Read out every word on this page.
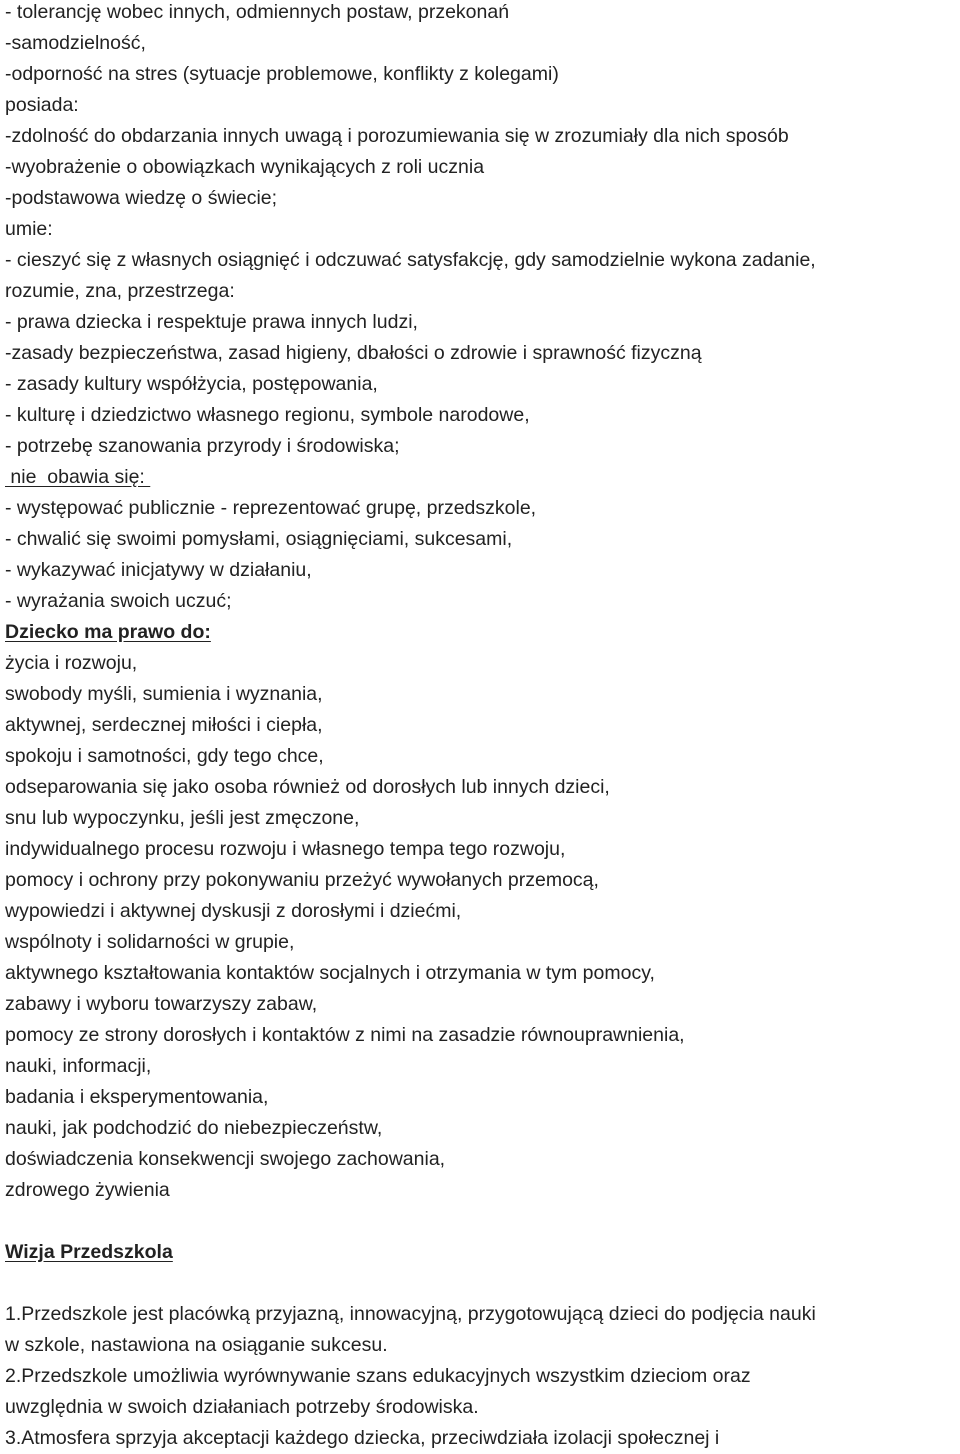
- tolerancję wobec innych, odmiennych postaw, przekonań
-samodzielność,
-odporność na stres (sytuacje problemowe, konflikty z kolegami)
posiada:
-zdolność do obdarzania innych uwagą i porozumiewania się w zrozumiały dla nich sposób
-wyobrażenie o obowiązkach wynikających z roli ucznia
-podstawowa wiedzę o świecie;
umie:
- cieszyć się z własnych osiągnięć i odczuwać satysfakcję, gdy samodzielnie wykona zadanie,
rozumie, zna, przestrzega:
- prawa dziecka i respektuje prawa innych ludzi,
-zasady bezpieczeństwa, zasad higieny, dbałości o zdrowie i sprawność fizyczną
- zasady kultury współżycia, postępowania,
- kulturę i dziedzictwo własnego regionu, symbole narodowe,
- potrzebę szanowania przyrody i środowiska;
nie  obawia się:
- występować publicznie - reprezentować grupę, przedszkole,
- chwalić się swoimi pomysłami, osiągnięciami, sukcesami,
- wykazywać inicjatywy w działaniu,
- wyrażania swoich uczuć;
Dziecko ma prawo do:
życia i rozwoju,
swobody myśli, sumienia i wyznania,
aktywnej, serdecznej miłości i ciepła,
spokoju i samotności, gdy tego chce,
odseparowania się jako osoba również od dorosłych lub innych dzieci,
snu lub wypoczynku, jeśli jest zmęczone,
indywidualnego procesu rozwoju i własnego tempa tego rozwoju,
pomocy i ochrony przy pokonywaniu przeżyć wywołanych przemocą,
wypowiedzi i aktywnej dyskusji z dorosłymi i dziećmi,
wspólnoty i solidarności w grupie,
aktywnego kształtowania kontaktów socjalnych i otrzymania w tym pomocy,
zabawy i wyboru towarzyszy zabaw,
pomocy ze strony dorosłych i kontaktów z nimi na zasadzie równouprawnienia,
nauki, informacji,
badania i eksperymentowania,
nauki, jak podchodzić do niebezpieczeństw,
doświadczenia konsekwencji swojego zachowania,
zdrowego żywienia
Wizja Przedszkola
1.Przedszkole jest placówką przyjazną, innowacyjną, przygotowującą dzieci do podjęcia nauki
w szkole, nastawiona na osiąganie sukcesu.
2.Przedszkole umożliwia wyrównywanie szans edukacyjnych wszystkim dzieciom oraz
uwzględnia w swoich działaniach potrzeby środowiska.
3.Atmosfera sprzyja akceptacji każdego dziecka, przeciwdziała izolacji społecznej i
